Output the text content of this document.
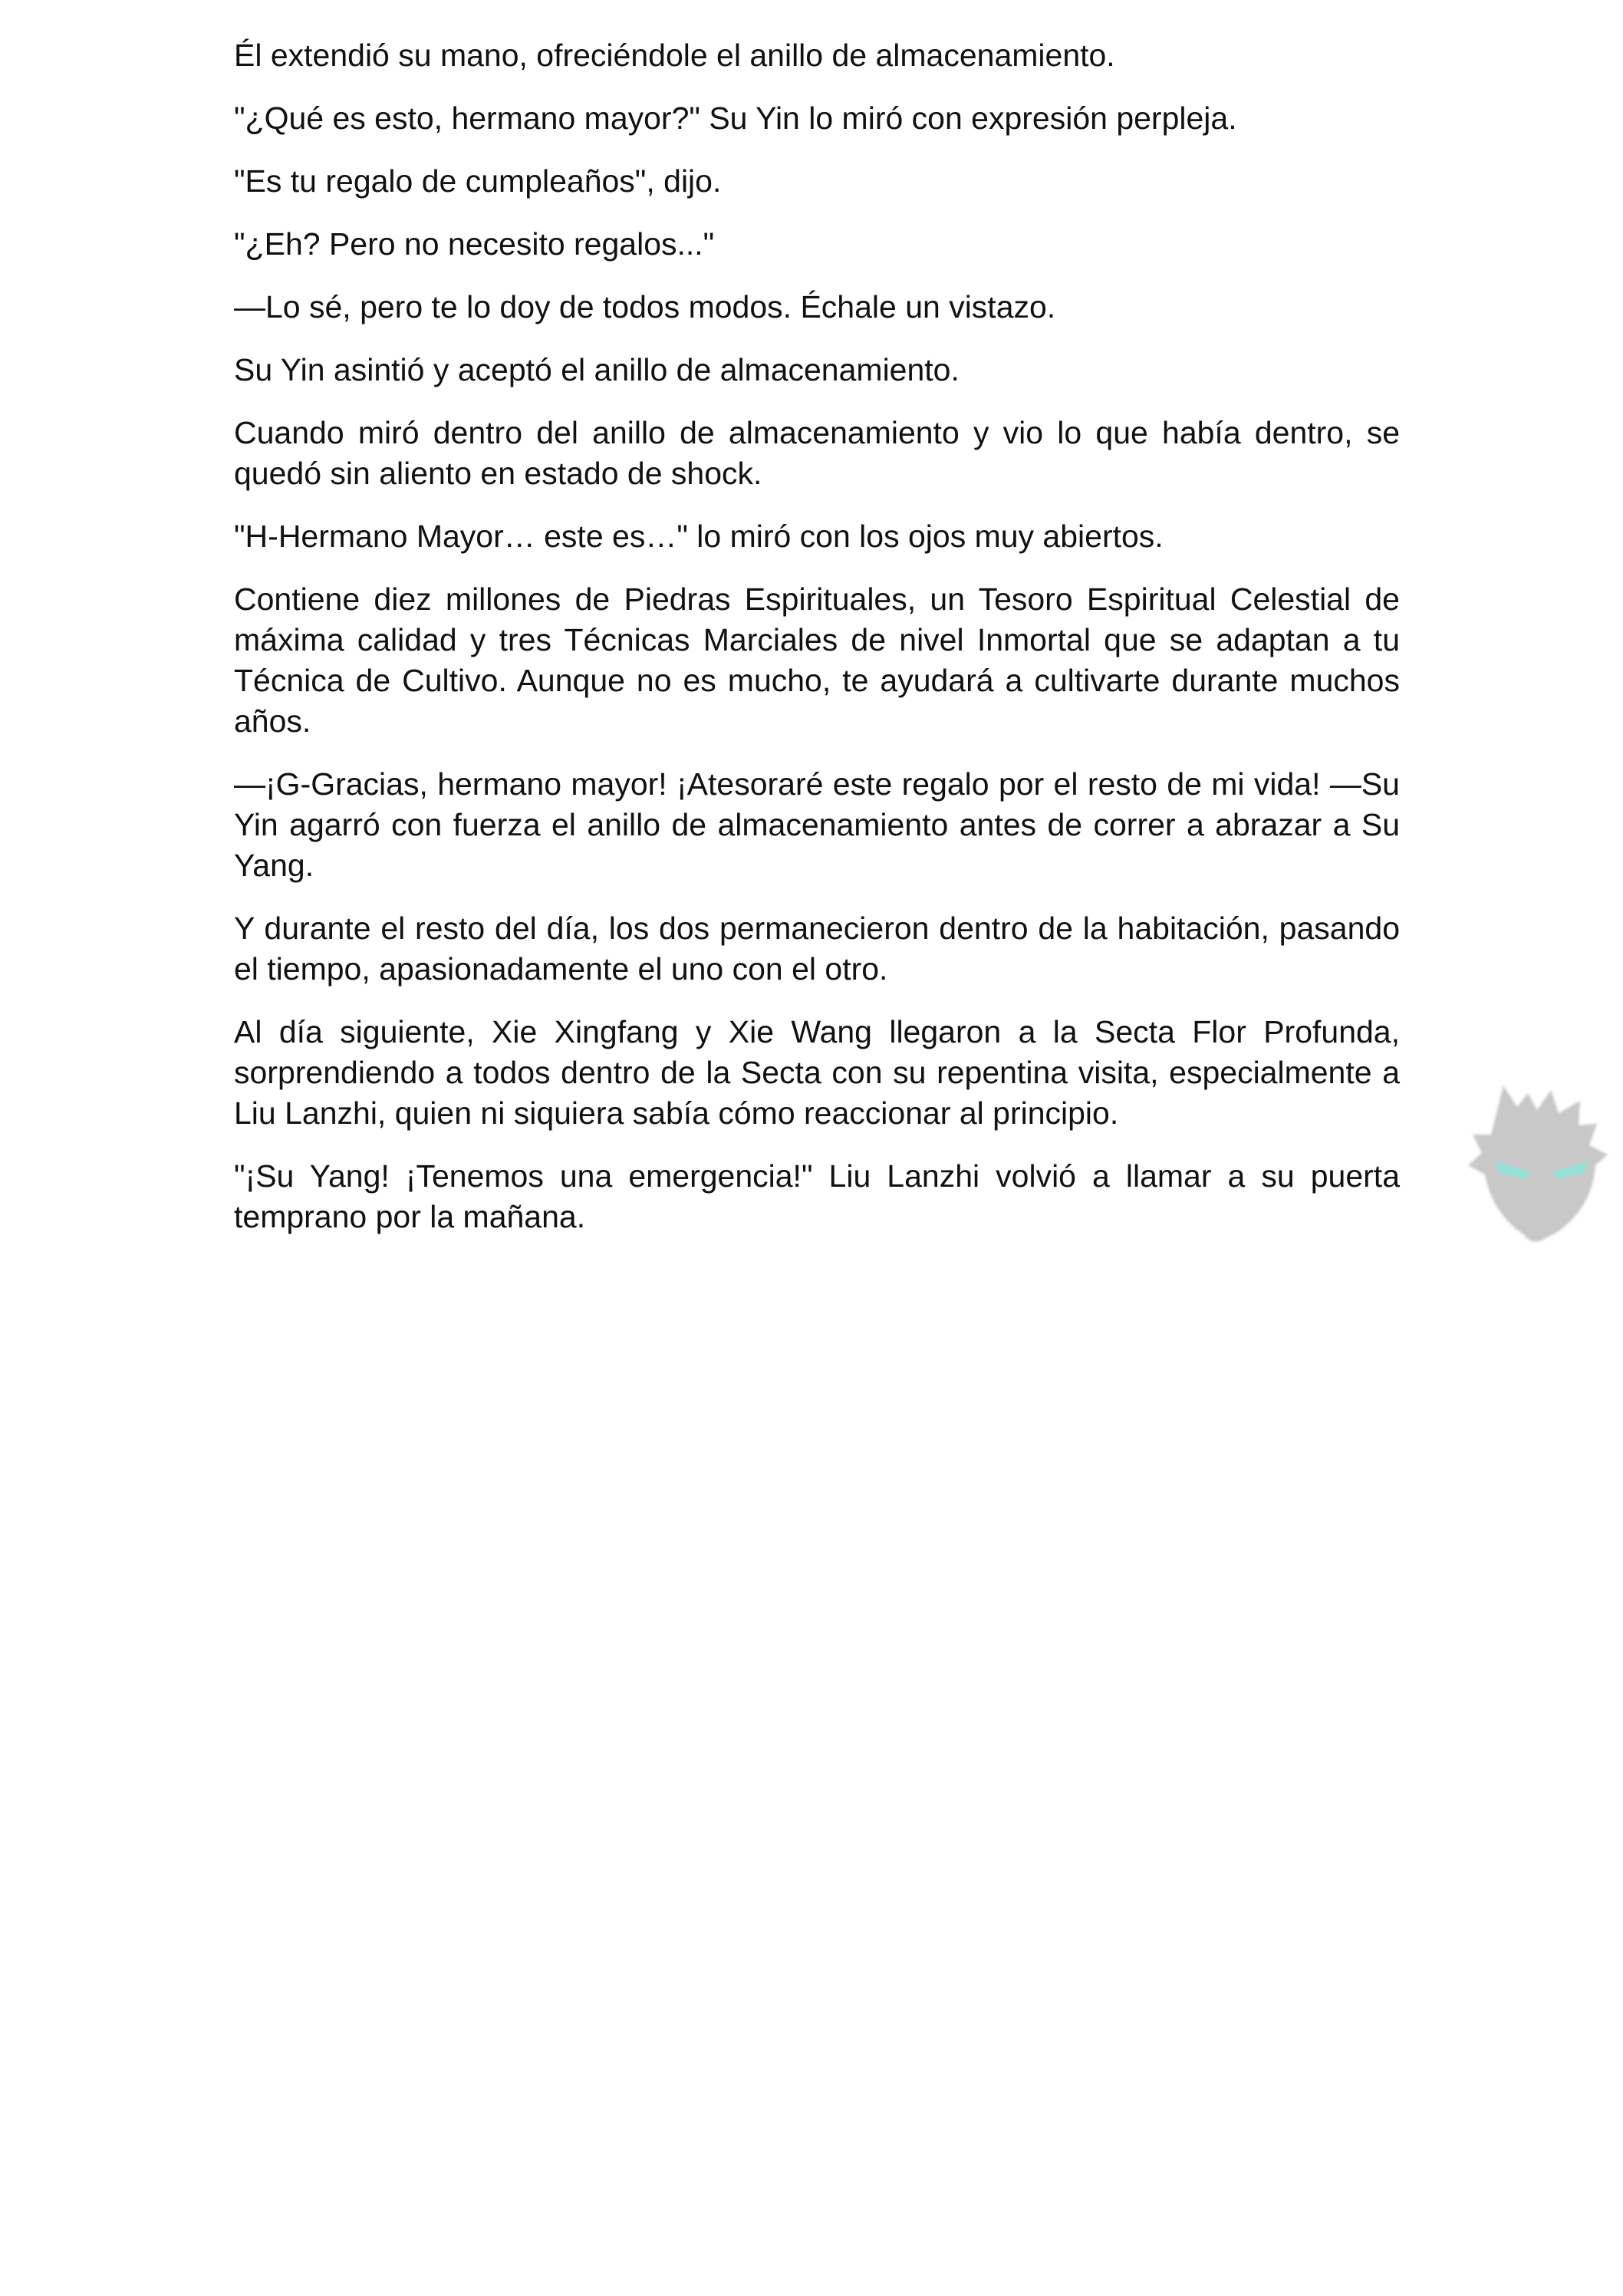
Él extendió su mano, ofreciéndole el anillo de almacenamiento.

"¿Qué es esto, hermano mayor?" Su Yin lo miró con expresión perpleja.

"Es tu regalo de cumpleaños", dijo.

"¿Eh? Pero no necesito regalos..."

—Lo sé, pero te lo doy de todos modos. Échale un vistazo.

Su Yin asintió y aceptó el anillo de almacenamiento.

Cuando miró dentro del anillo de almacenamiento y vio lo que había dentro, se quedó sin aliento en estado de shock.

"H-Hermano Mayor… este es…" lo miró con los ojos muy abiertos.

Contiene diez millones de Piedras Espirituales, un Tesoro Espiritual Celestial de máxima calidad y tres Técnicas Marciales de nivel Inmortal que se adaptan a tu Técnica de Cultivo. Aunque no es mucho, te ayudará a cultivarte durante muchos años.

—¡G-Gracias, hermano mayor! ¡Atesoraré este regalo por el resto de mi vida! —Su Yin agarró con fuerza el anillo de almacenamiento antes de correr a abrazar a Su Yang.

Y durante el resto del día, los dos permanecieron dentro de la habitación, pasando el tiempo, apasionadamente el uno con el otro.

Al día siguiente, Xie Xingfang y Xie Wang llegaron a la Secta Flor Profunda, sorprendiendo a todos dentro de la Secta con su repentina visita, especialmente a Liu Lanzhi, quien ni siquiera sabía cómo reaccionar al principio.

"¡Su Yang! ¡Tenemos una emergencia!" Liu Lanzhi volvió a llamar a su puerta temprano por la mañana.
